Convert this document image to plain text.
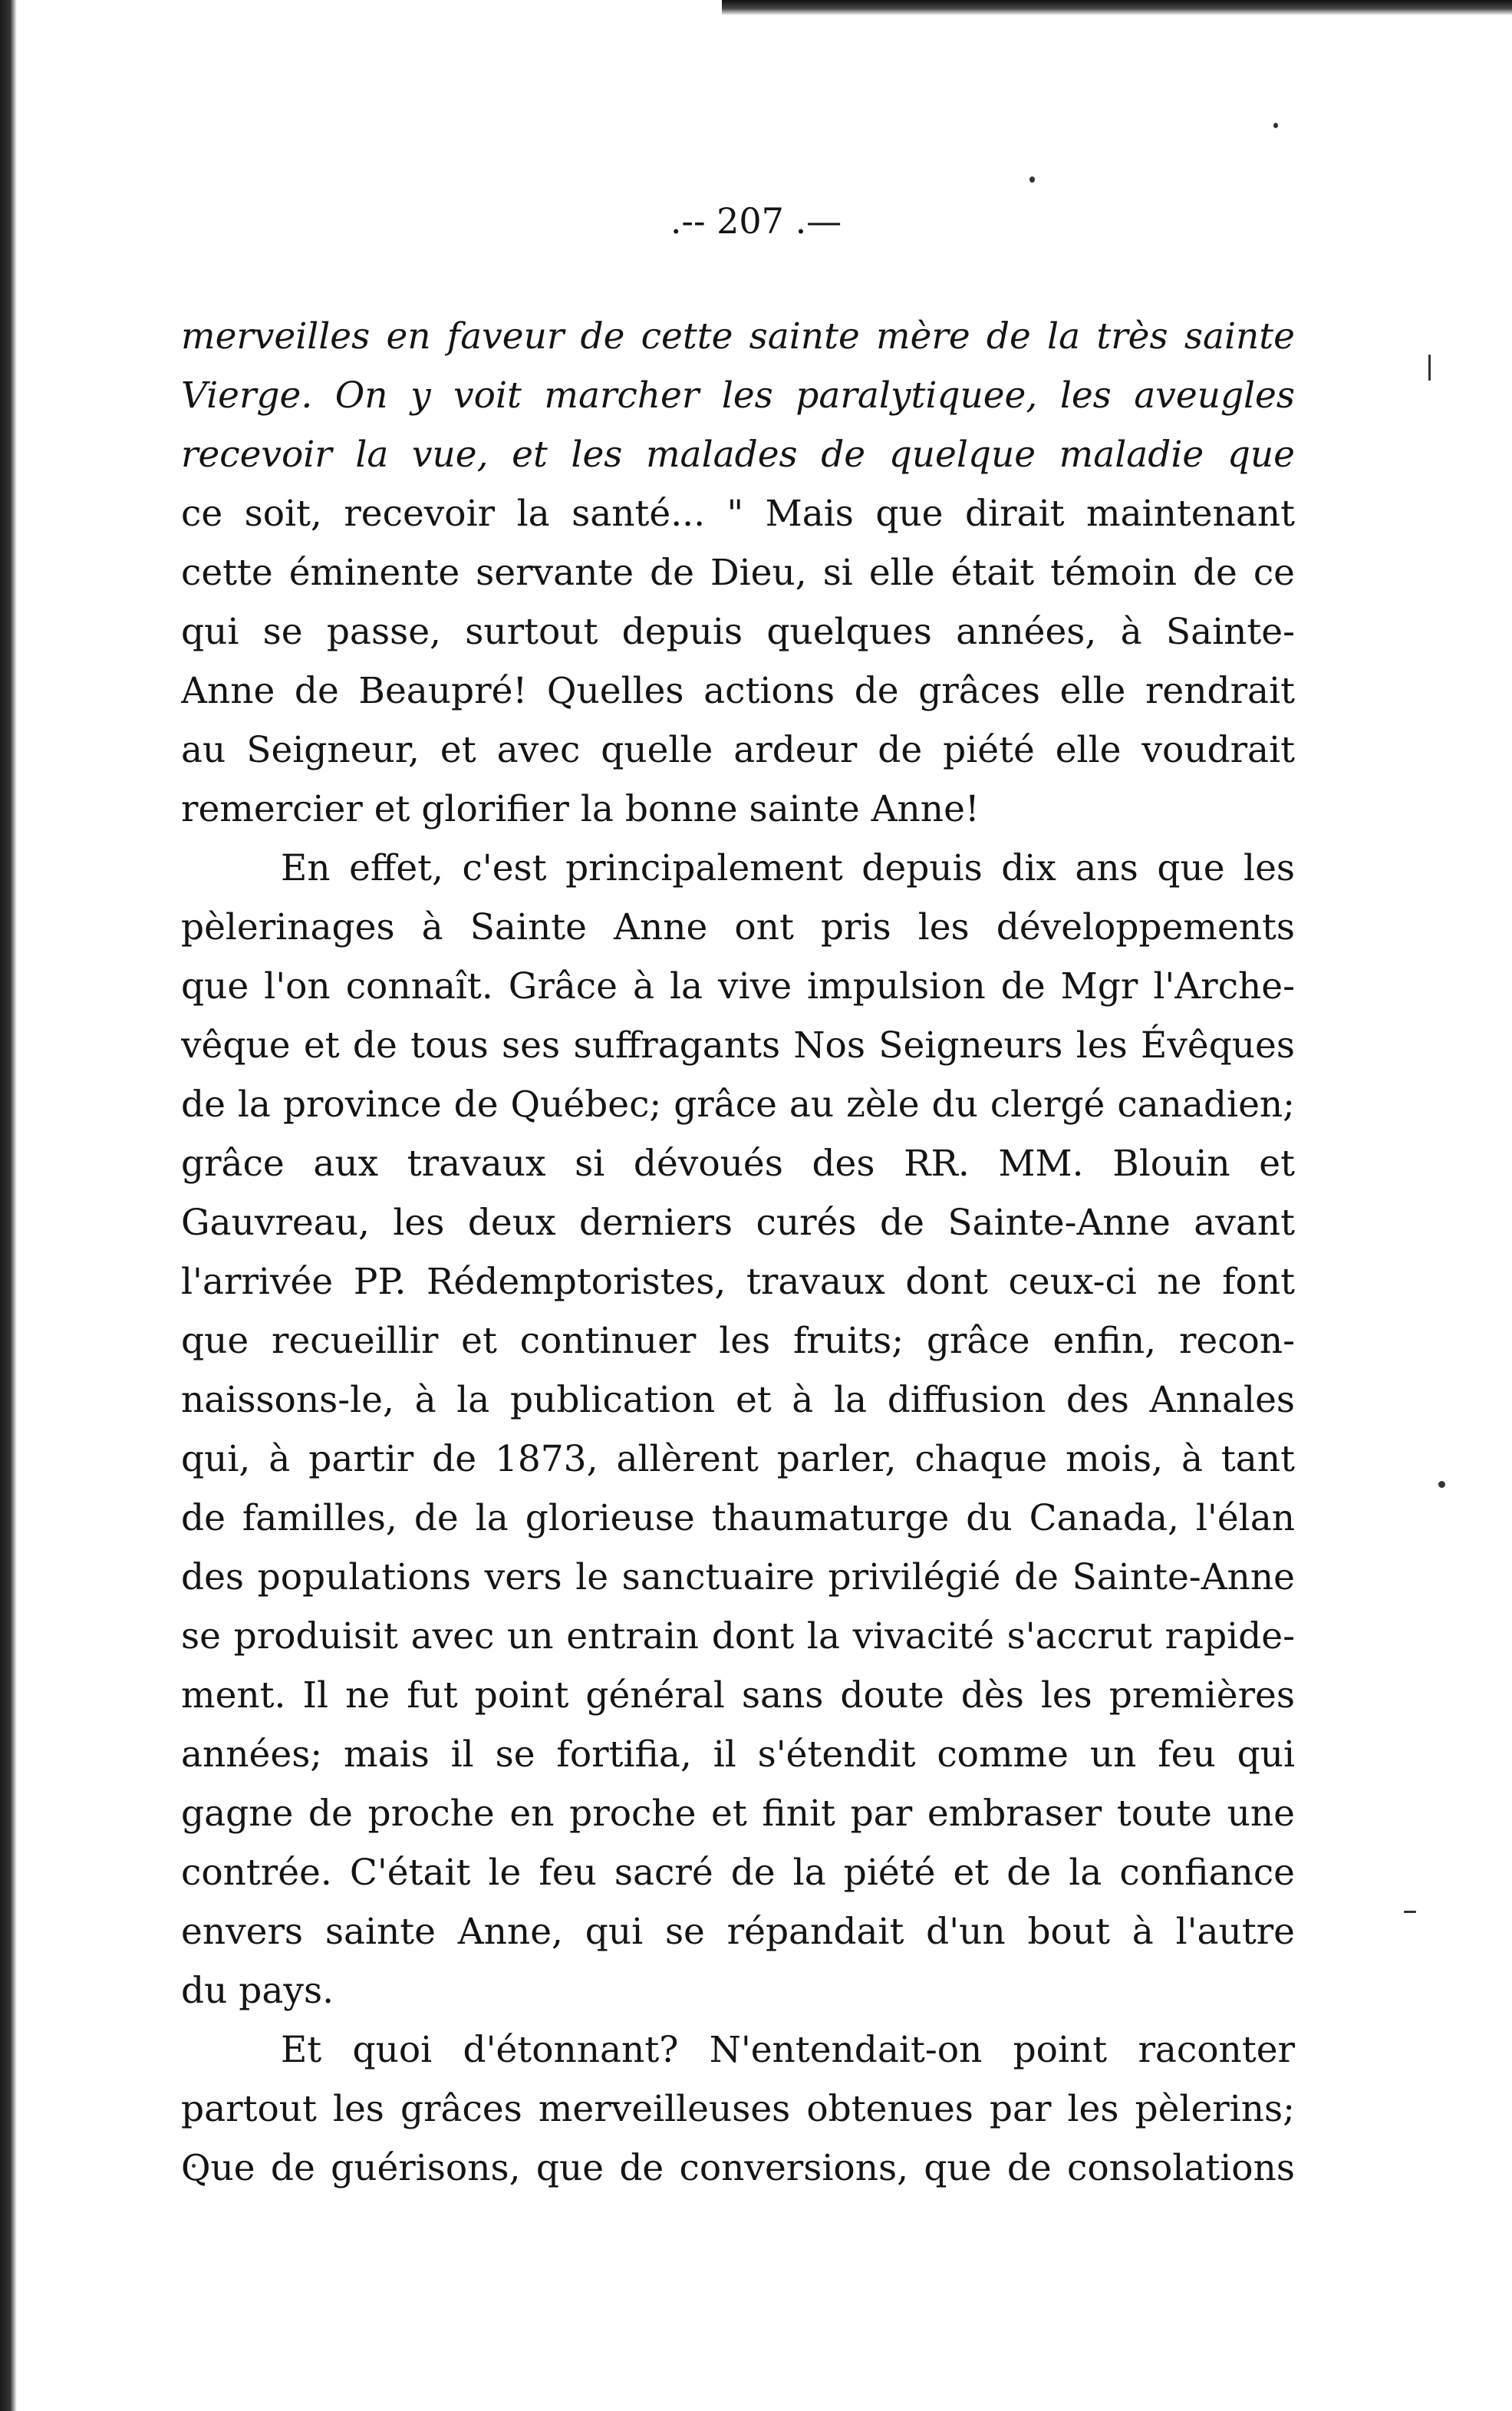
.-- 207 .—
merveilles en faveur de cette sainte mère de la très sainte
Vierge. On y voit marcher les paralytiquee, les aveugles
recevoir la vue, et les malades de quelque maladie que
ce soit, recevoir la santé... " Mais que dirait maintenant
cette éminente servante de Dieu, si elle était témoin de ce
qui se passe, surtout depuis quelques années, à Sainte-
Anne de Beaupré! Quelles actions de grâces elle rendrait
au Seigneur, et avec quelle ardeur de piété elle voudrait
remercier et glorifier la bonne sainte Anne!
En effet, c'est principalement depuis dix ans que les
pèlerinages à Sainte Anne ont pris les développements
que l'on connaît. Grâce à la vive impulsion de Mgr l'Arche-
vêque et de tous ses suffragants Nos Seigneurs les Évêques
de la province de Québec; grâce au zèle du clergé canadien;
grâce aux travaux si dévoués des RR. MM. Blouin et
Gauvreau, les deux derniers curés de Sainte-Anne avant
l'arrivée PP. Rédemptoristes, travaux dont ceux-ci ne font
que recueillir et continuer les fruits; grâce enfin, recon-
naissons-le, à la publication et à la diffusion des Annales
qui, à partir de 1873, allèrent parler, chaque mois, à tant
de familles, de la glorieuse thaumaturge du Canada, l'élan
des populations vers le sanctuaire privilégié de Sainte-Anne
se produisit avec un entrain dont la vivacité s'accrut rapide-
ment. Il ne fut point général sans doute dès les premières
années; mais il se fortifia, il s'étendit comme un feu qui
gagne de proche en proche et finit par embraser toute une
contrée. C'était le feu sacré de la piété et de la confiance
envers sainte Anne, qui se répandait d'un bout à l'autre
du pays.
Et quoi d'étonnant? N'entendait-on point raconter
partout les grâces merveilleuses obtenues par les pèlerins;
Que de guérisons, que de conversions, que de consolations
